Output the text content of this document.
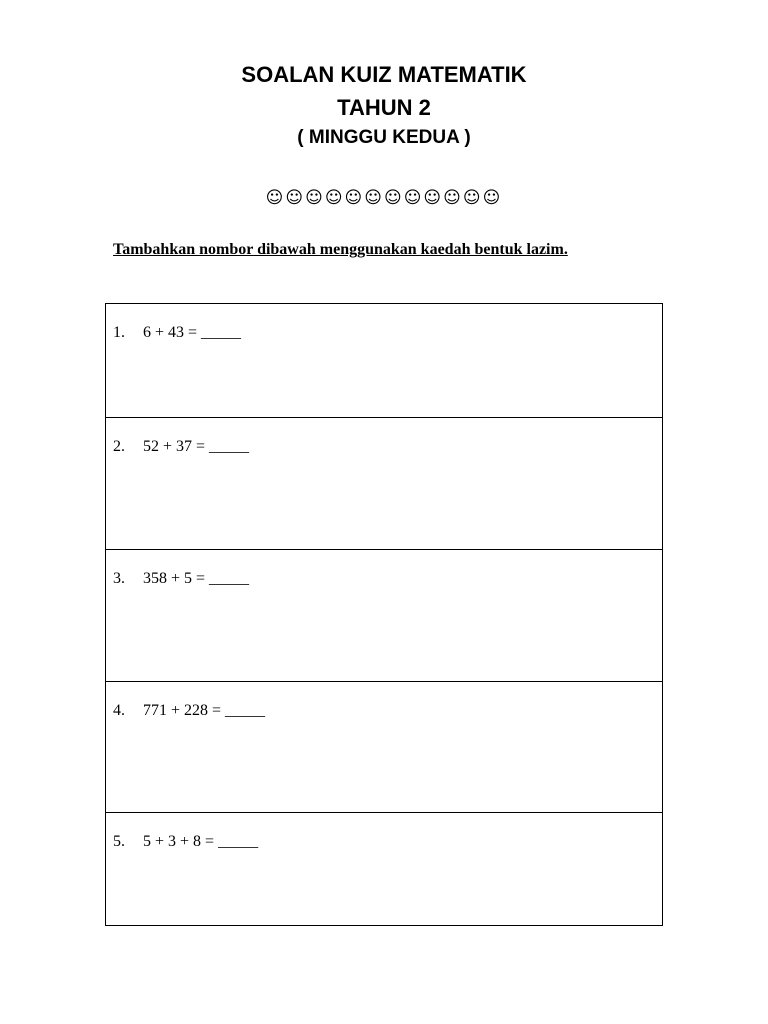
SOALAN KUIZ MATEMATIK
TAHUN 2
( MINGGU KEDUA )
☺☺☺☺☺☺☺☺☺☺☺☺
Tambahkan nombor dibawah menggunakan kaedah bentuk lazim.
1. 6 + 43 = _____
2. 52 + 37 = _____
3. 358 + 5 = _____
4. 771 + 228 = _____
5. 5 + 3 + 8 = _____
